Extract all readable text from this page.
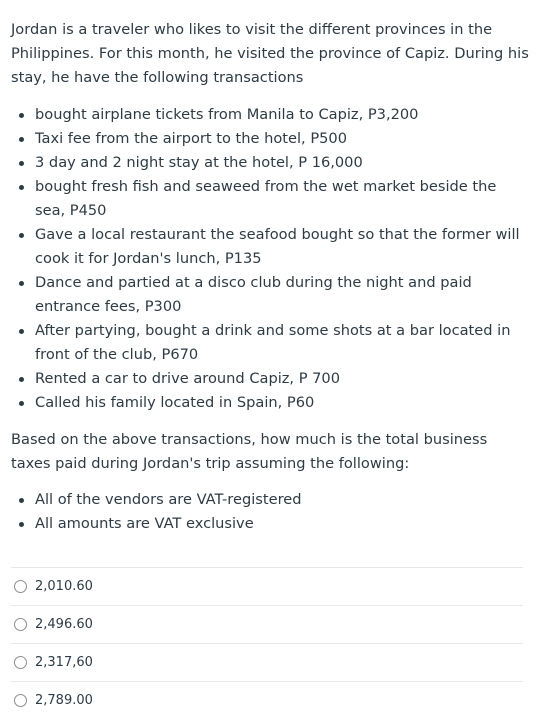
Jordan is a traveler who likes to visit the different provinces in the Philippines. For this month, he visited the province of Capiz. During his stay, he have the following transactions

bought airplane tickets from Manila to Capiz, P3,200
Taxi fee from the airport to the hotel, P500
3 day and 2 night stay at the hotel, P 16,000
bought fresh fish and seaweed from the wet market beside the sea, P450
Gave a local restaurant the seafood bought so that the former will cook it for Jordan's lunch, P135
Dance and partied at a disco club during the night and paid entrance fees, P300
After partying, bought a drink and some shots at a bar located in front of the club, P670
Rented a car to drive around Capiz, P 700
Called his family located in Spain, P60

Based on the above transactions, how much is the total business taxes paid during Jordan's trip assuming the following:

All of the vendors are VAT-registered
All amounts are VAT exclusive
2,010.60
2,496.60
2,317,60
2,789.00
